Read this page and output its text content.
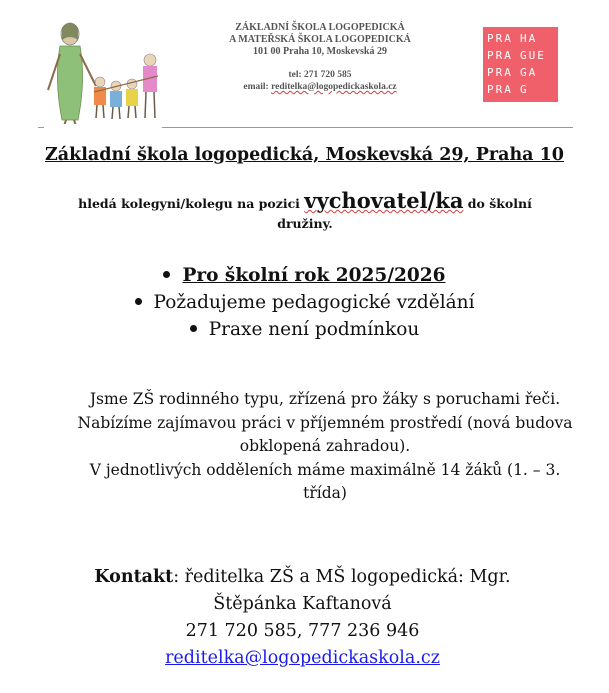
ZÁKLADNÍ ŠKOLA LOGOPEDICKÁ
A MATEŘSKÁ ŠKOLA LOGOPEDICKÁ
101 00 Praha 10, Moskevská 29
tel: 271 720 585
email: reditelka@logopedickaskola.cz
PRA HA
PRA GUE
PRA GA
PRA G
Základní škola logopedická, Moskevská 29, Praha 10
hledá kolegyni/kolegu na pozici vychovatel/ka do školní družiny.
Pro školní rok 2025/2026
Požadujeme pedagogické vzdělání
Praxe není podmínkou
Jsme ZŠ rodinného typu, zřízená pro žáky s poruchami řeči. Nabízíme zajímavou práci v příjemném prostředí (nová budova obklopená zahradou).
V jednotlivých odděleních máme maximálně 14 žáků (1. – 3. třída)
Kontakt: ředitelka ZŠ a MŠ logopedická: Mgr. Štěpánka Kaftanová
271 720 585, 777 236 946
reditelka@logopedickaskola.cz
